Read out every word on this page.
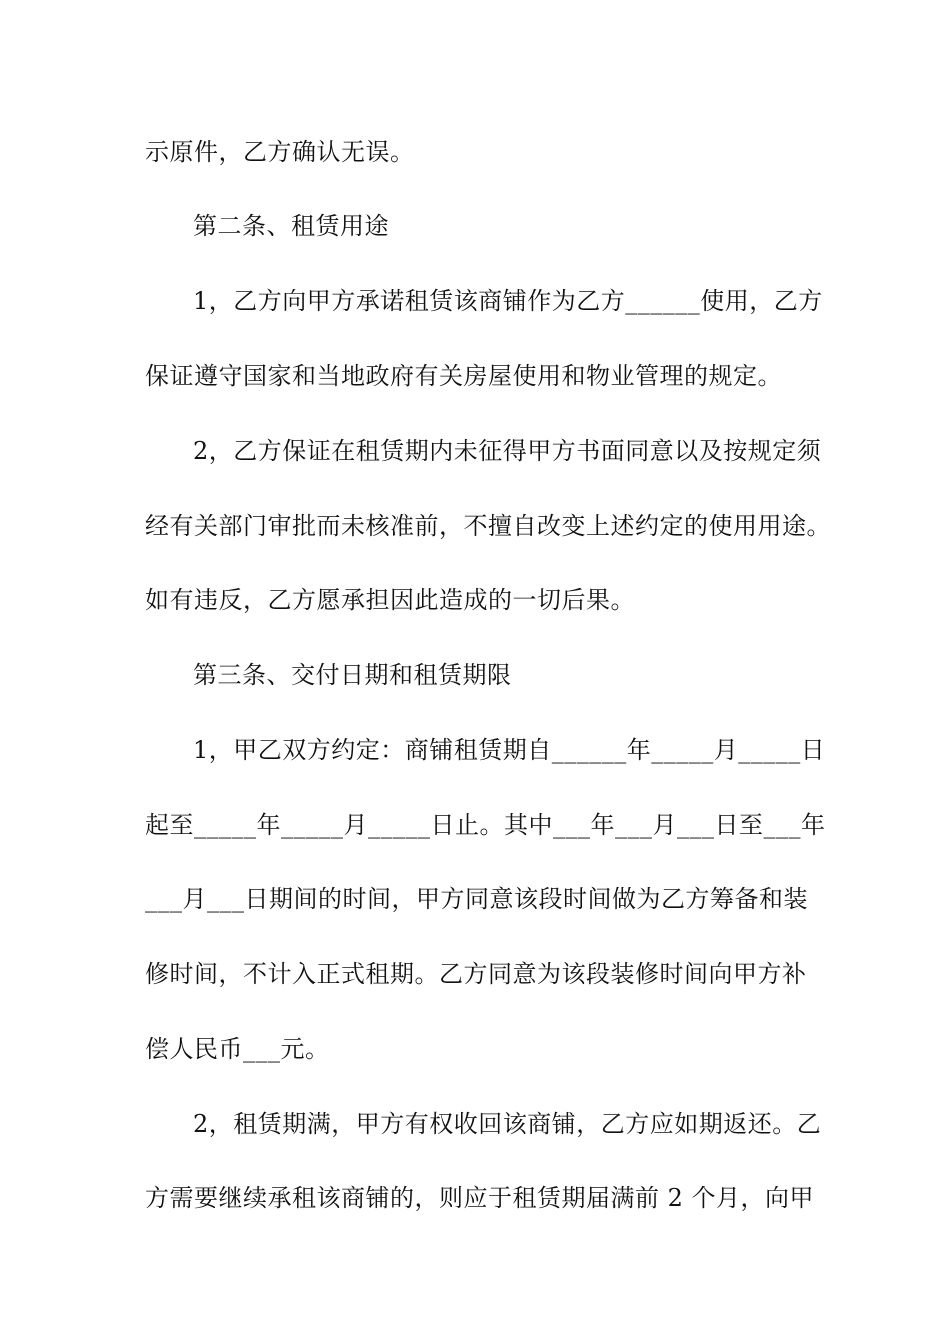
示原件，乙方确认无误。
第二条、租赁用途
1，乙方向甲方承诺租赁该商铺作为乙方______使用，乙方
保证遵守国家和当地政府有关房屋使用和物业管理的规定。
2，乙方保证在租赁期内未征得甲方书面同意以及按规定须
经有关部门审批而未核准前，不擅自改变上述约定的使用用途。
如有违反，乙方愿承担因此造成的一切后果。
第三条、交付日期和租赁期限
1，甲乙双方约定：商铺租赁期自______年_____月_____日
起至_____年_____月_____日止。其中___年___月___日至___年
___月___日期间的时间，甲方同意该段时间做为乙方筹备和装
修时间，不计入正式租期。乙方同意为该段装修时间向甲方补
偿人民币___元。
2，租赁期满，甲方有权收回该商铺，乙方应如期返还。乙
方需要继续承租该商铺的，则应于租赁期届满前 2 个月，向甲
